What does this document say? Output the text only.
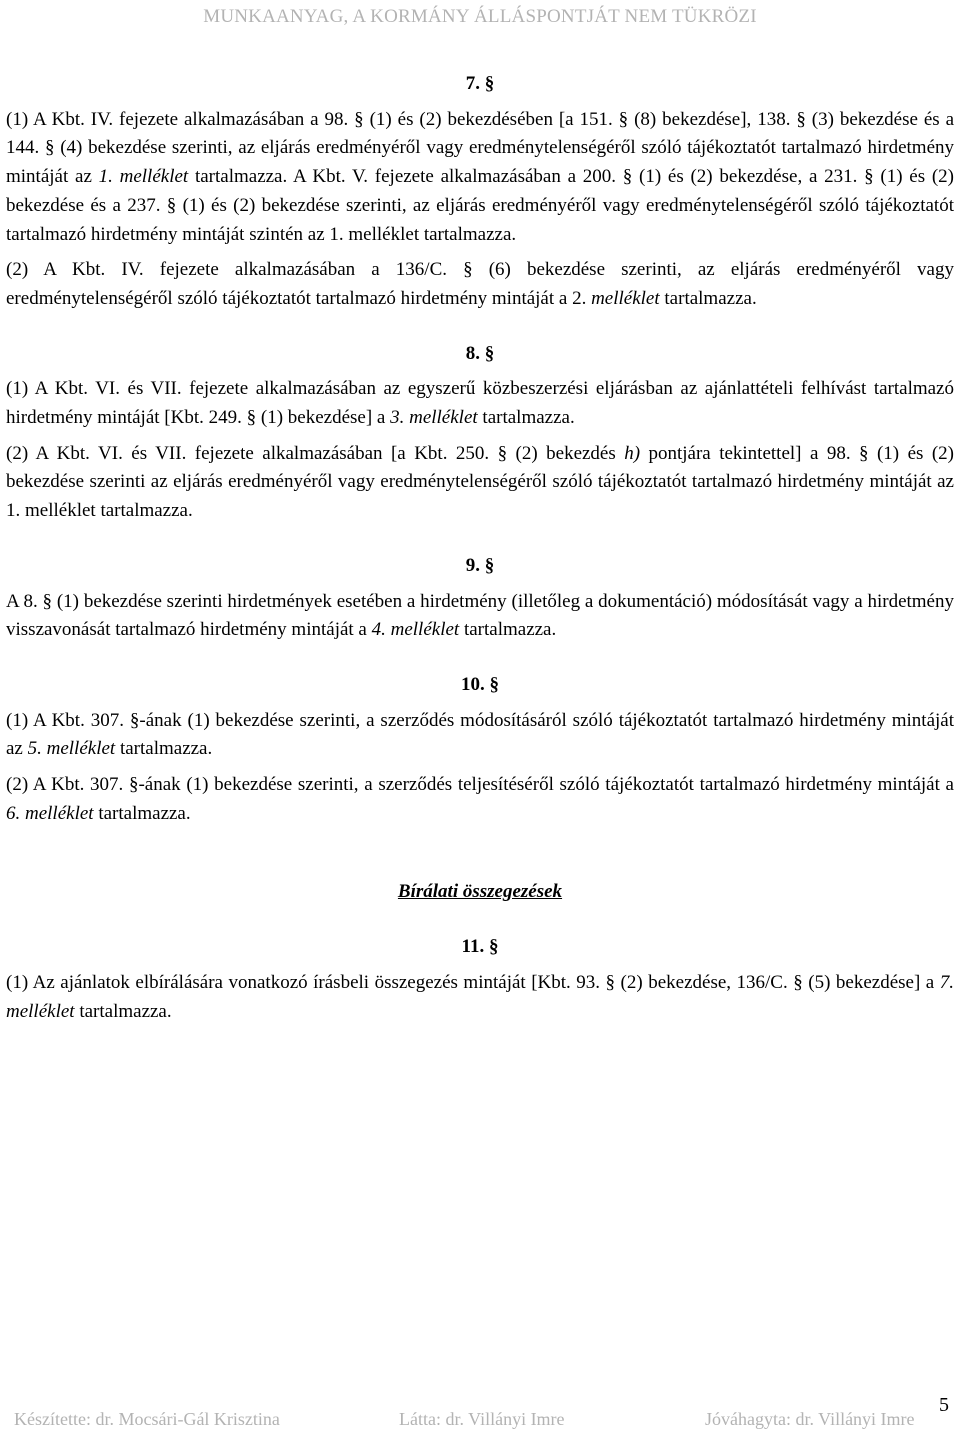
MUNKAANYAG, A KORMÁNY ÁLLÁSPONTJÁT NEM TÜKRÖZI
7. §

(1) A Kbt. IV. fejezete alkalmazásában a 98. § (1) és (2) bekezdésében [a 151. § (8) bekezdése], 138. § (3) bekezdése és a 144. § (4) bekezdése szerinti, az eljárás eredményéről vagy eredménytelenségéről szóló tájékoztatót tartalmazó hirdetmény mintáját az 1. melléklet tartalmazza. A Kbt. V. fejezete alkalmazásában a 200. § (1) és (2) bekezdése, a 231. § (1) és (2) bekezdése és a 237. § (1) és (2) bekezdése szerinti, az eljárás eredményéről vagy eredménytelenségéről szóló tájékoztatót tartalmazó hirdetmény mintáját szintén az 1. melléklet tartalmazza.

(2) A Kbt. IV. fejezete alkalmazásában a 136/C. § (6) bekezdése szerinti, az eljárás eredményéről vagy eredménytelenségéről szóló tájékoztatót tartalmazó hirdetmény mintáját a 2. melléklet tartalmazza.

8. §

(1) A Kbt. VI. és VII. fejezete alkalmazásában az egyszerű közbeszerzési eljárásban az ajánlattételi felhívást tartalmazó hirdetmény mintáját [Kbt. 249. § (1) bekezdése] a 3. melléklet tartalmazza.

(2) A Kbt. VI. és VII. fejezete alkalmazásában [a Kbt. 250. § (2) bekezdés h) pontjára tekintettel] a 98. § (1) és (2) bekezdése szerinti az eljárás eredményéről vagy eredménytelenségéről szóló tájékoztatót tartalmazó hirdetmény mintáját az 1. melléklet tartalmazza.

9. §

A 8. § (1) bekezdése szerinti hirdetmények esetében a hirdetmény (illetőleg a dokumentáció) módosítását vagy a hirdetmény visszavonását tartalmazó hirdetmény mintáját a 4. melléklet tartalmazza.

10. §

(1) A Kbt. 307. §-ának (1) bekezdése szerinti, a szerződés módosításáról szóló tájékoztatót tartalmazó hirdetmény mintáját az 5. melléklet tartalmazza.

(2) A Kbt. 307. §-ának (1) bekezdése szerinti, a szerződés teljesítéséről szóló tájékoztatót tartalmazó hirdetmény mintáját a 6. melléklet tartalmazza.

Bírálati összegezések
11. §

(1) Az ajánlatok elbírálására vonatkozó írásbeli összegezés mintáját [Kbt. 93. § (2) bekezdése, 136/C. § (5) bekezdése] a 7. melléklet tartalmazza.

Készítette: dr. Mocsári-Gál Krisztina	Látta: dr. Villányi Imre	Jóváhagyta: dr. Villányi Imre
5
